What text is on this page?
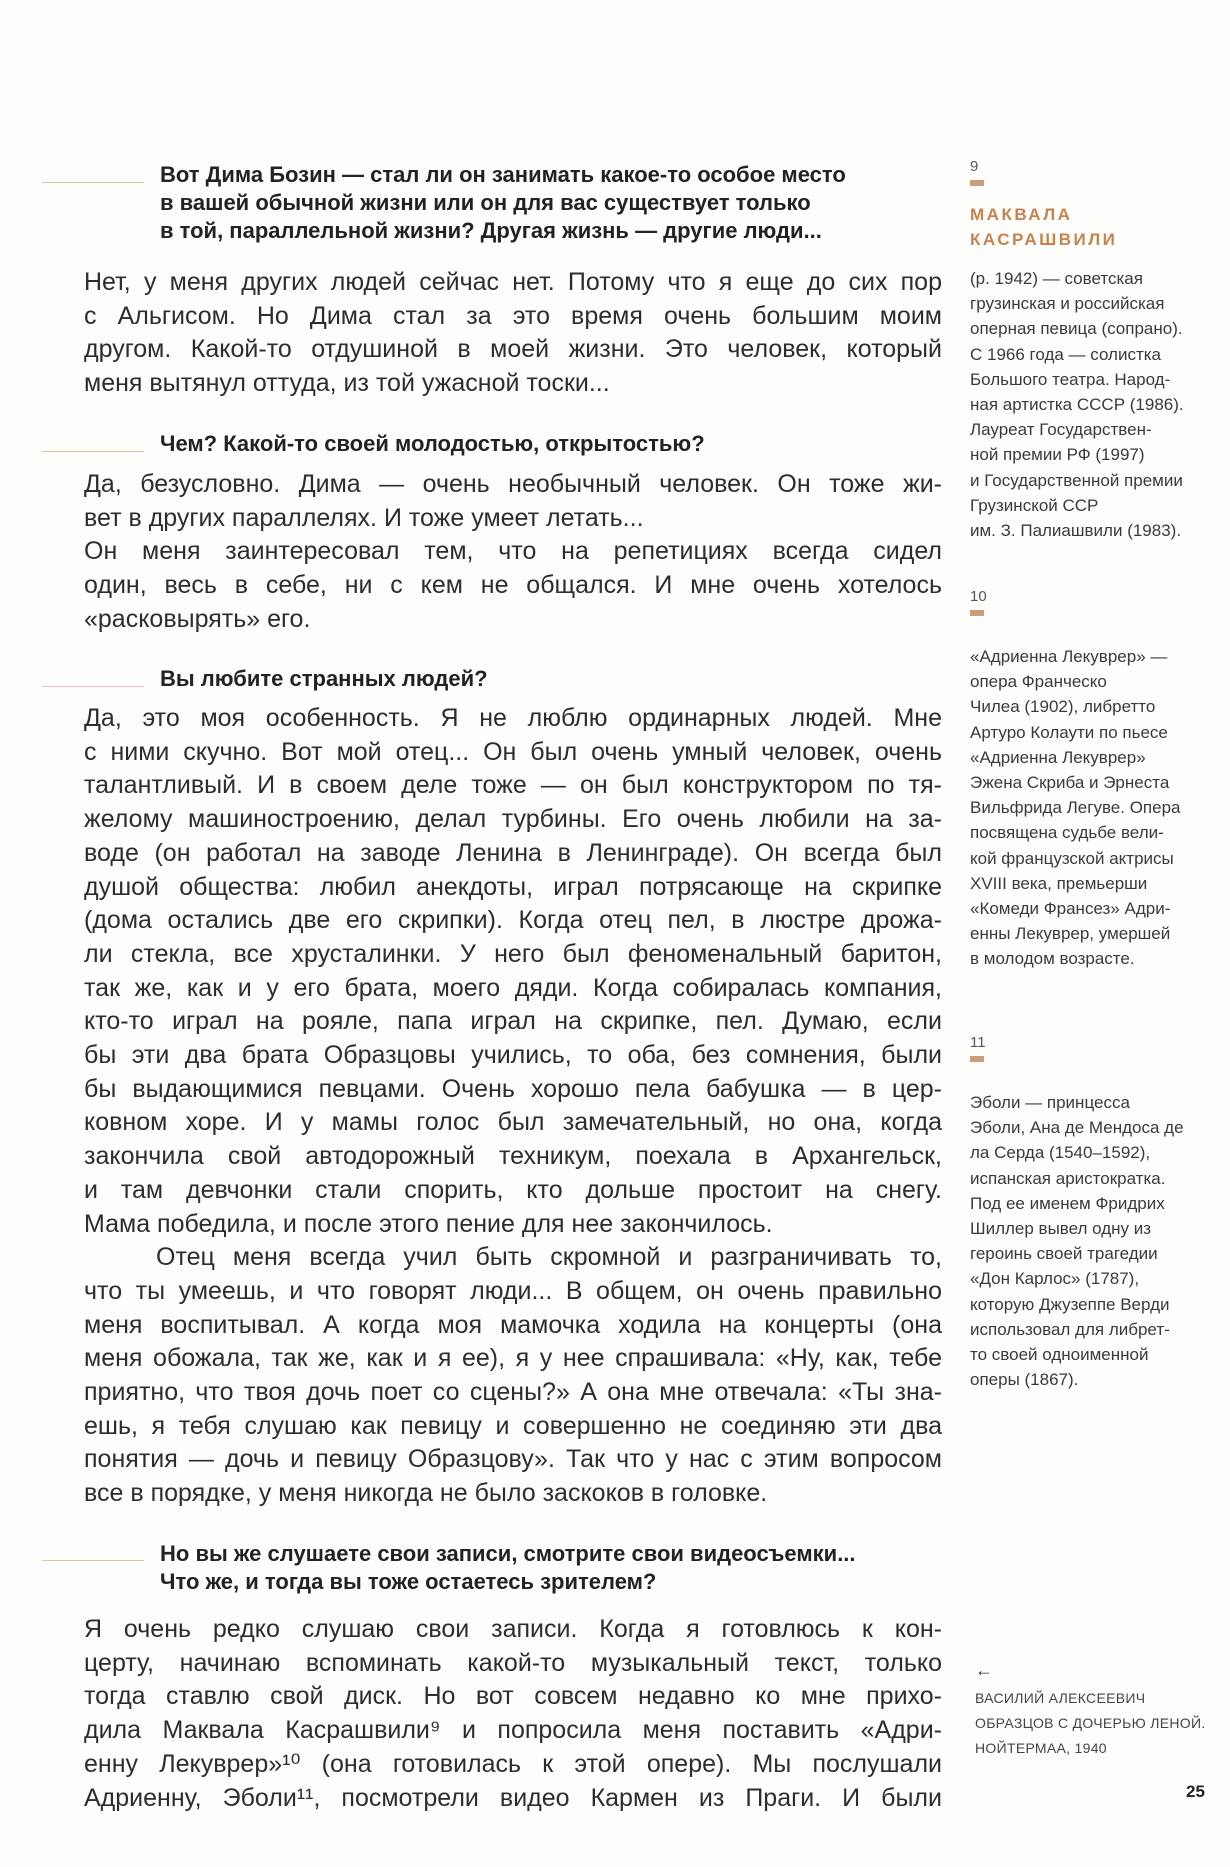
Вот Дима Бозин — стал ли он занимать какое-то особое место
в вашей обычной жизни или он для вас существует только
в той, параллельной жизни? Другая жизнь — другие люди...
Нет, у меня других людей сейчас нет. Потому что я еще до сих пор
с Альгисом. Но Дима стал за это время очень большим моим
другом. Какой-то отдушиной в моей жизни. Это человек, который
меня вытянул оттуда, из той ужасной тоски...
Чем? Какой-то своей молодостью, открытостью?
Да, безусловно. Дима — очень необычный человек. Он тоже жи-
вет в других параллелях. И тоже умеет летать...
Он меня заинтересовал тем, что на репетициях всегда сидел
один, весь в себе, ни с кем не общался. И мне очень хотелось
«расковырять» его.
Вы любите странных людей?
Да, это моя особенность. Я не люблю ординарных людей. Мне
с ними скучно. Вот мой отец... Он был очень умный человек, очень
талантливый. И в своем деле тоже — он был конструктором по тя-
желому машиностроению, делал турбины. Его очень любили на за-
воде (он работал на заводе Ленина в Ленинграде). Он всегда был
душой общества: любил анекдоты, играл потрясающе на скрипке
(дома остались две его скрипки). Когда отец пел, в люстре дрожа-
ли стекла, все хрусталинки. У него был феноменальный баритон,
так же, как и у его брата, моего дяди. Когда собиралась компания,
кто-то играл на рояле, папа играл на скрипке, пел. Думаю, если
бы эти два брата Образцовы учились, то оба, без сомнения, были
бы выдающимися певцами. Очень хорошо пела бабушка — в цер-
ковном хоре. И у мамы голос был замечательный, но она, когда
закончила свой автодорожный техникум, поехала в Архангельск,
и там девчонки стали спорить, кто дольше простоит на снегу.
Мама победила, и после этого пение для нее закончилось.
Отец меня всегда учил быть скромной и разграничивать то,
что ты умеешь, и что говорят люди... В общем, он очень правильно
меня воспитывал. А когда моя мамочка ходила на концерты (она
меня обожала, так же, как и я ее), я у нее спрашивала: «Ну, как, тебе
приятно, что твоя дочь поет со сцены?» А она мне отвечала: «Ты зна-
ешь, я тебя слушаю как певицу и совершенно не соединяю эти два
понятия — дочь и певицу Образцову». Так что у нас с этим вопросом
все в порядке, у меня никогда не было заскоков в головке.
Но вы же слушаете свои записи, смотрите свои видеосъемки...
Что же, и тогда вы тоже остаетесь зрителем?
Я очень редко слушаю свои записи. Когда я готовлюсь к кон-
церту, начинаю вспоминать какой-то музыкальный текст, только
тогда ставлю свой диск. Но вот совсем недавно ко мне прихо-
дила Маквала Касрашвили⁹ и попросила меня поставить «Адри-
енну Лекуврер»¹⁰ (она готовилась к этой опере). Мы послушали
Адриенну, Эболи¹¹, посмотрели видео Кармен из Праги. И были
9
МАКВАЛА
КАСРАШВИЛИ
(р. 1942) — советская
грузинская и российская
оперная певица (сопрано).
С 1966 года — солистка
Большого театра. Народ-
ная артистка СССР (1986).
Лауреат Государствен-
ной премии РФ (1997)
и Государственной премии
Грузинской ССР
им. З. Палиашвили (1983).
10
«Адриенна Лекуврер» —
опера Франческо
Чилеа (1902), либретто
Артуро Колаути по пьесе
«Адриенна Лекуврер»
Эжена Скриба и Эрнеста
Вильфрида Легуве. Опера
посвящена судьбе вели-
кой французской актрисы
XVIII века, премьерши
«Комеди Франсез» Адри-
енны Лекуврер, умершей
в молодом возрасте.
11
Эболи — принцесса
Эболи, Ана де Мендоса де
ла Серда (1540–1592),
испанская аристократка.
Под ее именем Фридрих
Шиллер вывел одну из
героинь своей трагедии
«Дон Карлос» (1787),
которую Джузеппе Верди
использовал для либрет-
то своей одноименной
оперы (1867).
←
ВАСИЛИЙ АЛЕКСЕЕВИЧ
ОБРАЗЦОВ С ДОЧЕРЬЮ ЛЕНОЙ.
НОЙТЕРМАА, 1940
25
